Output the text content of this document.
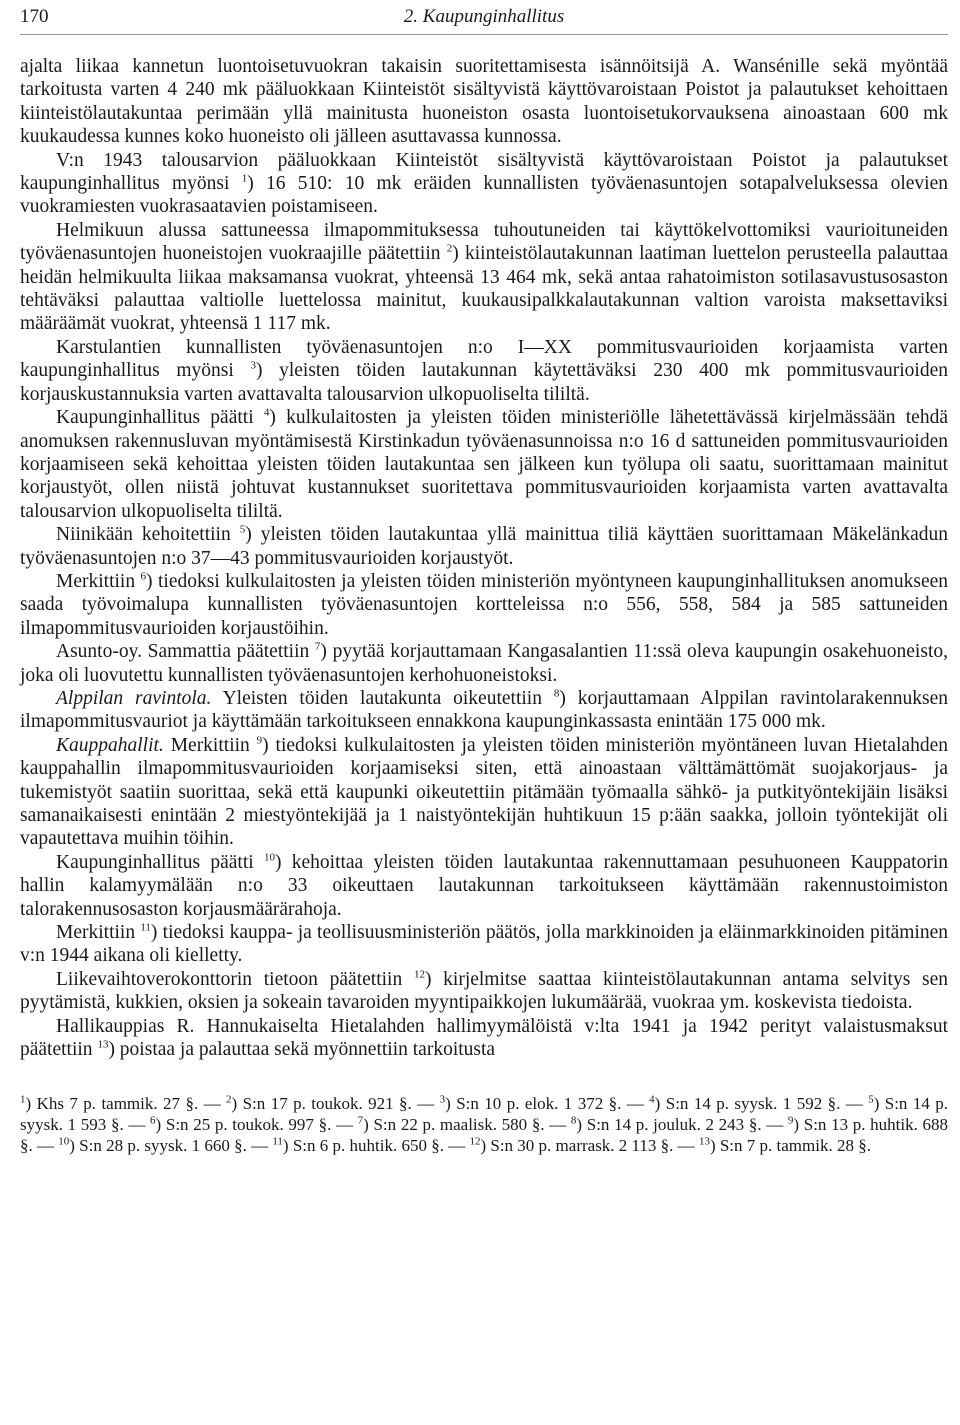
170	2. Kaupunginhallitus

ajalta liikaa kannetun luontoisetuvuokran takaisin suoritettamisesta isännöitsijä A. Wansénille sekä myöntää tarkoitusta varten 4 240 mk pääluokkaan Kiinteistöt sisältyvistä käyttövaroistaan Poistot ja palautukset kehoittaen kiinteistölautakuntaa perimään yllä mainitusta huoneiston osasta luontoisetukorvauksena ainoastaan 600 mk kuukaudessa kunnes koko huoneisto oli jälleen asuttavassa kunnossa.

V:n 1943 talousarvion pääluokkaan Kiinteistöt sisältyvistä käyttövaroistaan Poistot ja palautukset kaupunginhallitus myönsi $^1$) 16 510: 10 mk eräiden kunnallisten työväenasuntojen sotapalveluksessa olevien vuokramiesten vuokrasaatavien poistamiseen.

Helmikuun alussa sattuneessa ilmapommituksessa tuhoutuneiden tai käyttökelvottomiksi vaurioituneiden työväenasuntojen huoneistojen vuokraajille päätettiin $^2$) kiinteistölautakunnan laatiman luettelon perusteella palauttaa heidän helmikuulta liikaa maksamansa vuokrat, yhteensä 13 464 mk, sekä antaa rahatoimiston sotilasavustusosaston tehtäväksi palauttaa valtiolle luettelossa mainitut, kuukausipalkkalautakunnan valtion varoista maksettaviksi määräämät vuokrat, yhteensä 1 117 mk.

Karstulantien kunnallisten työväenasuntojen n:o I—XX pommitusvaurioiden korjaamista varten kaupunginhallitus myönsi $^3$) yleisten töiden lautakunnan käytettäväksi 230 400 mk pommitusvaurioiden korjauskustannuksia varten avattavalta talousarvion ulkopuoliselta tililtä.

Kaupunginhallitus päätti $^4$) kulkulaitosten ja yleisten töiden ministeriölle lähetettävässä kirjelmässään tehdä anomuksen rakennusluvan myöntämisestä Kirstinkadun työväenasunnoissa n:o 16 d sattuneiden pommitusvaurioiden korjaamiseen sekä kehoittaa yleisten töiden lautakuntaa sen jälkeen kun työlupa oli saatu, suorittamaan mainitut korjaustyöt, ollen niistä johtuvat kustannukset suoritettava pommitusvaurioiden korjaamista varten avattavalta talousarvion ulkopuoliselta tililtä.

Niinikään kehoitettiin $^5$) yleisten töiden lautakuntaa yllä mainittua tiliä käyttäen suorittamaan Mäkelänkadun työväenasuntojen n:o 37—43 pommitusvaurioiden korjaustyöt.

Merkittiin $^6$) tiedoksi kulkulaitosten ja yleisten töiden ministeriön myöntyneen kaupunginhallituksen anomukseen saada työvoimalupa kunnallisten työväenasuntojen kortteleissa n:o 556, 558, 584 ja 585 sattuneiden ilmapommitusvaurioiden korjaustöihin.

Asunto-oy. Sammattia päätettiin $^7$) pyytää korjauttamaan Kangasalantien 11:ssä oleva kaupungin osakehuoneisto, joka oli luovutettu kunnallisten työväenasuntojen kerhohuoneistoksi.

Alppilan ravintola. Yleisten töiden lautakunta oikeutettiin $^8$) korjauttamaan Alppilan ravintolarakennuksen ilmapommitusvauriot ja käyttämään tarkoitukseen ennakkona kaupunginkassasta enintään 175 000 mk.

Kauppahallit. Merkittiin $^9$) tiedoksi kulkulaitosten ja yleisten töiden ministeriön myöntäneen luvan Hietalahden kauppahallin ilmapommitusvaurioiden korjaamiseksi siten, että ainoastaan välttämättömät suojakorjaus- ja tukemistyöt saatiin suorittaa, sekä että kaupunki oikeutettiin pitämään työmaalla sähkö- ja putkityöntekijäin lisäksi samanaikaisesti enintään 2 miestyöntekijää ja 1 naistyöntekijän huhtikuun 15 p:ään saakka, jolloin työntekijät oli vapautettava muihin töihin.

Kaupunginhallitus päätti $^{10}$) kehoittaa yleisten töiden lautakuntaa rakennuttamaan pesuhuoneen Kauppatorin hallin kalamyymälään n:o 33 oikeuttaen lautakunnan tarkoitukseen käyttämään rakennustoimiston talorakennusosaston korjausmäärärahoja.

Merkittiin $^{11}$) tiedoksi kauppa- ja teollisuusministeriön päätös, jolla markkinoiden ja eläinmarkkinoiden pitäminen v:n 1944 aikana oli kielletty.

Liikevaihtoverokonttorin tietoon päätettiin $^{12}$) kirjelmitse saattaa kiinteistölautakunnan antama selvitys sen pyytämistä, kukkien, oksien ja sokeain tavaroiden myyntipaikkojen lukumäärää, vuokraa ym. koskevista tiedoista.

Hallikauppias R. Hannukaiselta Hietalahden hallimyymälöistä v:lta 1941 ja 1942 perityt valaistusmaksut päätettiin $^{13}$) poistaa ja palauttaa sekä myönnettiin tarkoitusta

$^1$) Khs 7 p. tammik. 27 §. — $^2$) S:n 17 p. toukok. 921 §. — $^3$) S:n 10 p. elok. 1 372 §. — $^4$) S:n 14 p. syysk. 1 592 §. — $^5$) S:n 14 p. syysk. 1 593 §. — $^6$) S:n 25 p. toukok. 997 §. — $^7$) S:n 22 p. maalisk. 580 §. — $^8$) S:n 14 p. jouluk. 2 243 §. — $^9$) S:n 13 p. huhtik. 688 §. — $^{10}$) S:n 28 p. syysk. 1 660 §. — $^{11}$) S:n 6 p. huhtik. 650 §. — $^{12}$) S:n 30 p. marrask. 2 113 §. — $^{13}$) S:n 7 p. tammik. 28 §.
